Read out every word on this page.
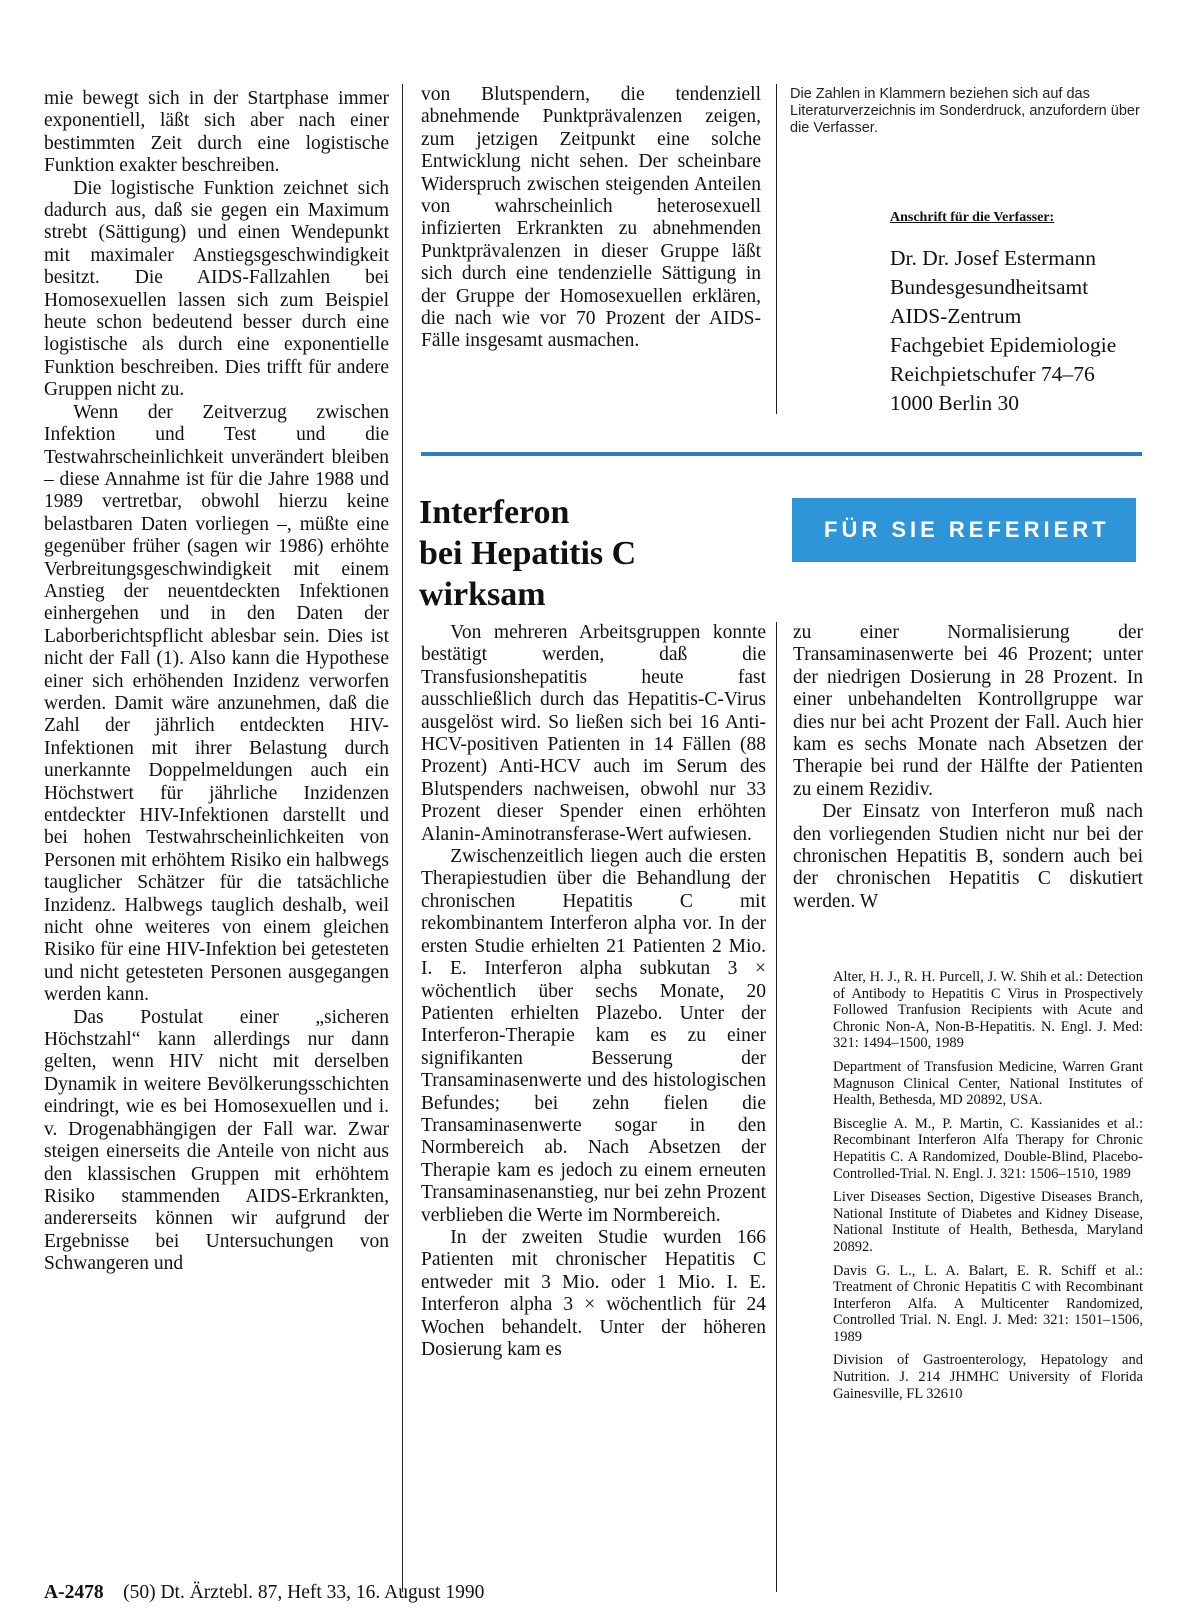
mie bewegt sich in der Startphase immer exponentiell, läßt sich aber nach einer bestimmten Zeit durch eine logistische Funktion exakter beschreiben.

Die logistische Funktion zeichnet sich dadurch aus, daß sie gegen ein Maximum strebt (Sättigung) und einen Wendepunkt mit maximaler Anstiegsgeschwindigkeit besitzt. Die AIDS-Fallzahlen bei Homosexuellen lassen sich zum Beispiel heute schon bedeutend besser durch eine logistische als durch eine exponentielle Funktion beschreiben. Dies trifft für andere Gruppen nicht zu.

Wenn der Zeitverzug zwischen Infektion und Test und die Testwahrscheinlichkeit unverändert bleiben – diese Annahme ist für die Jahre 1988 und 1989 vertretbar, obwohl hierzu keine belastbaren Daten vorliegen –, müßte eine gegenüber früher (sagen wir 1986) erhöhte Verbreitungsgeschwindigkeit mit einem Anstieg der neuentdeckten Infektionen einhergehen und in den Daten der Laborberichtspflicht ablesbar sein. Dies ist nicht der Fall (1). Also kann die Hypothese einer sich erhöhenden Inzidenz verworfen werden. Damit wäre anzunehmen, daß die Zahl der jährlich entdeckten HIV-Infektionen mit ihrer Belastung durch unerkannte Doppelmeldungen auch ein Höchstwert für jährliche Inzidenzen entdeckter HIV-Infektionen darstellt und bei hohen Testwahrscheinlichkeiten von Personen mit erhöhtem Risiko ein halbwegs tauglicher Schätzer für die tatsächliche Inzidenz. Halbwegs tauglich deshalb, weil nicht ohne weiteres von einem gleichen Risiko für eine HIV-Infektion bei getesteten und nicht getesteten Personen ausgegangen werden kann.

Das Postulat einer „sicheren Höchstzahl“ kann allerdings nur dann gelten, wenn HIV nicht mit derselben Dynamik in weitere Bevölkerungsschichten eindringt, wie es bei Homosexuellen und i. v. Drogenabhängigen der Fall war. Zwar steigen einerseits die Anteile von nicht aus den klassischen Gruppen mit erhöhtem Risiko stammenden AIDS-Erkrankten, andererseits können wir aufgrund der Ergebnisse bei Untersuchungen von Schwangeren und

von Blutspendern, die tendenziell abnehmende Punktprävalenzen zeigen, zum jetzigen Zeitpunkt eine solche Entwicklung nicht sehen. Der scheinbare Widerspruch zwischen steigenden Anteilen von wahrscheinlich heterosexuell infizierten Erkrankten zu abnehmenden Punktprävalenzen in dieser Gruppe läßt sich durch eine tendenzielle Sättigung in der Gruppe der Homosexuellen erklären, die nach wie vor 70 Prozent der AIDS-Fälle insgesamt ausmachen.

Die Zahlen in Klammern beziehen sich auf das Literaturverzeichnis im Sonderdruck, anzufordern über die Verfasser.
Anschrift für die Verfasser:
Dr. Dr. Josef Estermann
Bundesgesundheitsamt
AIDS-Zentrum
Fachgebiet Epidemiologie
Reichpietschufer 74–76
1000 Berlin 30
Interferon
bei Hepatitis C
wirksam
FÜR SIE REFERIERT

Von mehreren Arbeitsgruppen konnte bestätigt werden, daß die Transfusionshepatitis heute fast ausschließlich durch das Hepatitis-C-Virus ausgelöst wird. So ließen sich bei 16 Anti-HCV-positiven Patienten in 14 Fällen (88 Prozent) Anti-HCV auch im Serum des Blutspenders nachweisen, obwohl nur 33 Prozent dieser Spender einen erhöhten Alanin-Aminotransferase-Wert aufwiesen.

Zwischenzeitlich liegen auch die ersten Therapiestudien über die Behandlung der chronischen Hepatitis C mit rekombinantem Interferon alpha vor. In der ersten Studie erhielten 21 Patienten 2 Mio. I. E. Interferon alpha subkutan 3 × wöchentlich über sechs Monate, 20 Patienten erhielten Plazebo. Unter der Interferon-Therapie kam es zu einer signifikanten Besserung der Transaminasenwerte und des histologischen Befundes; bei zehn fielen die Transaminasenwerte sogar in den Normbereich ab. Nach Absetzen der Therapie kam es jedoch zu einem erneuten Transaminasenanstieg, nur bei zehn Prozent verblieben die Werte im Normbereich.

In der zweiten Studie wurden 166 Patienten mit chronischer Hepatitis C entweder mit 3 Mio. oder 1 Mio. I. E. Interferon alpha 3 × wöchentlich für 24 Wochen behandelt. Unter der höheren Dosierung kam es

zu einer Normalisierung der Transaminasenwerte bei 46 Prozent; unter der niedrigen Dosierung in 28 Prozent. In einer unbehandelten Kontrollgruppe war dies nur bei acht Prozent der Fall. Auch hier kam es sechs Monate nach Absetzen der Therapie bei rund der Hälfte der Patienten zu einem Rezidiv.

Der Einsatz von Interferon muß nach den vorliegenden Studien nicht nur bei der chronischen Hepatitis B, sondern auch bei der chronischen Hepatitis C diskutiert werden. W

Alter, H. J., R. H. Purcell, J. W. Shih et al.: Detection of Antibody to Hepatitis C Virus in Prospectively Followed Tranfusion Recipients with Acute and Chronic Non-A, Non-B-Hepatitis. N. Engl. J. Med: 321: 1494–1500, 1989

Department of Transfusion Medicine, Warren Grant Magnuson Clinical Center, National Institutes of Health, Bethesda, MD 20892, USA.

Bisceglie A. M., P. Martin, C. Kassianides et al.: Recombinant Interferon Alfa Therapy for Chronic Hepatitis C. A Randomized, Double-Blind, Placebo-Controlled-Trial. N. Engl. J. 321: 1506–1510, 1989

Liver Diseases Section, Digestive Diseases Branch, National Institute of Diabetes and Kidney Disease, National Institute of Health, Bethesda, Maryland 20892.

Davis G. L., L. A. Balart, E. R. Schiff et al.: Treatment of Chronic Hepatitis C with Recombinant Interferon Alfa. A Multicenter Randomized, Controlled Trial. N. Engl. J. Med: 321: 1501–1506, 1989

Division of Gastroenterology, Hepatology and Nutrition. J. 214 JHMHC University of Florida Gainesville, FL 32610

A-2478 (50) Dt. Ärztebl. 87, Heft 33, 16. August 1990
